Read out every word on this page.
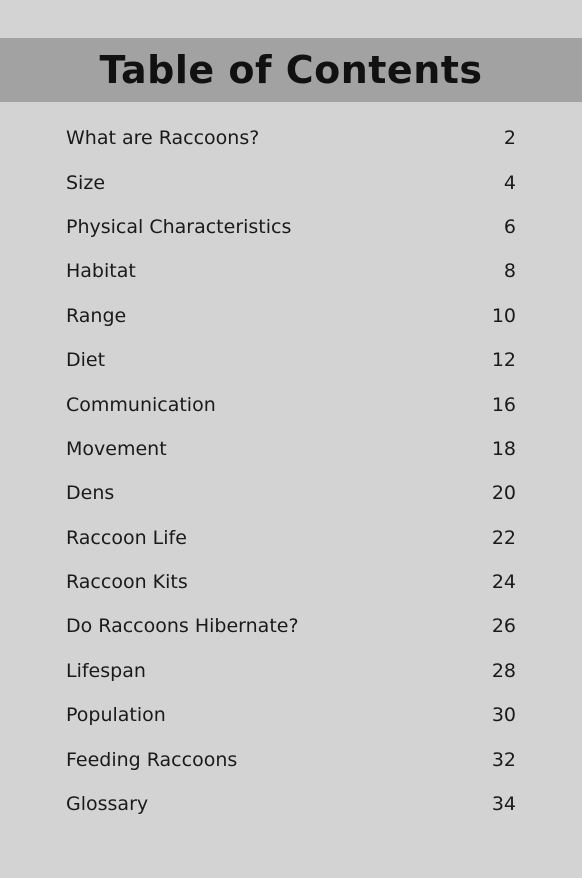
Table of Contents
What are Raccoons?	2
Size	4
Physical Characteristics	6
Habitat	8
Range	10
Diet	12
Communication	16
Movement	18
Dens	20
Raccoon Life	22
Raccoon Kits	24
Do Raccoons Hibernate?	26
Lifespan	28
Population	30
Feeding Raccoons	32
Glossary	34
